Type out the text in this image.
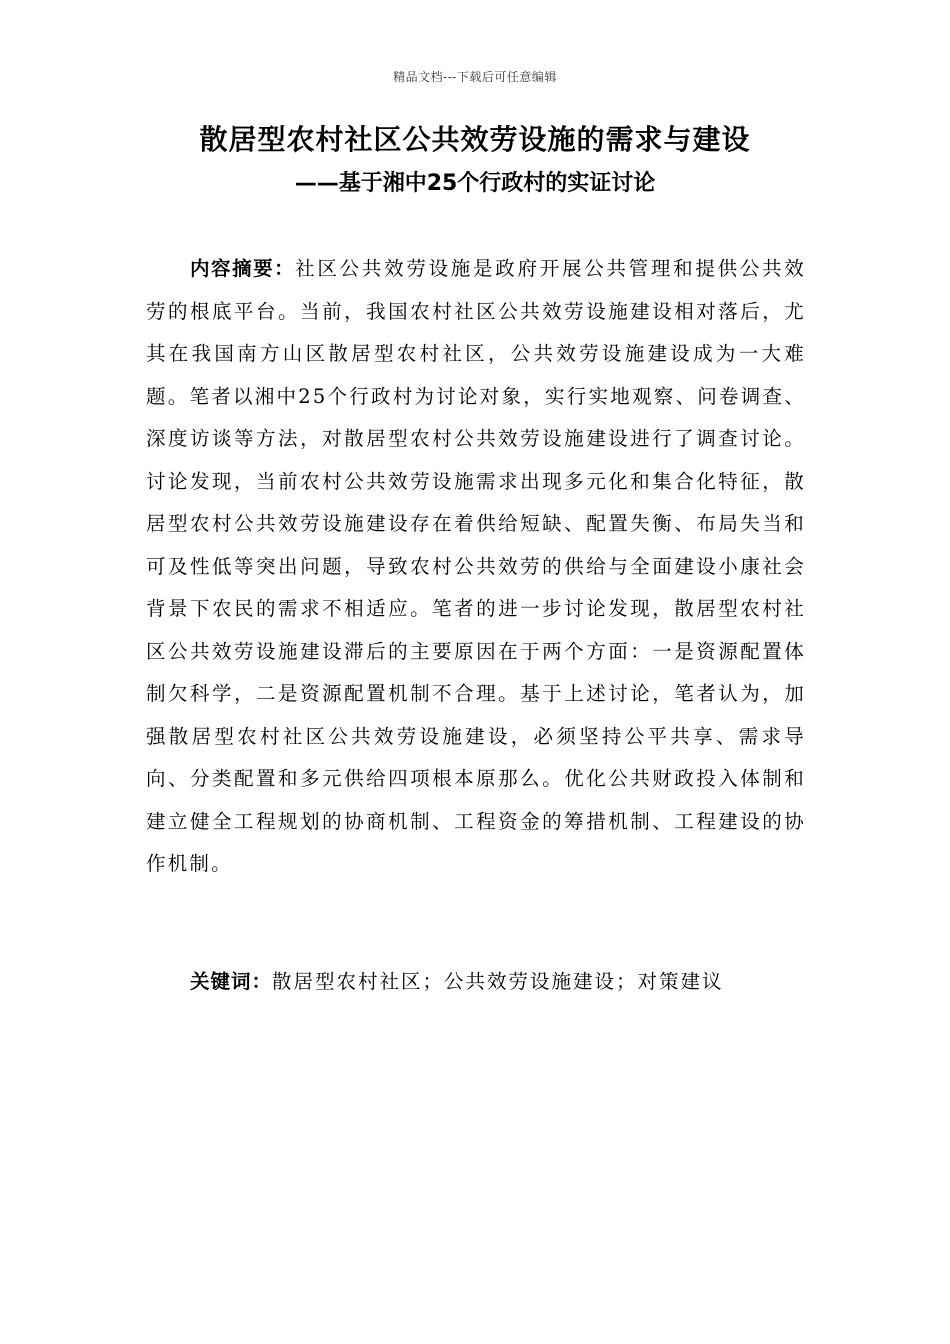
精品文档---下载后可任意编辑
散居型农村社区公共效劳设施的需求与建设
——基于湘中25个行政村的实证讨论

内容摘要：社区公共效劳设施是政府开展公共管理和提供公共效劳的根底平台。当前，我国农村社区公共效劳设施建设相对落后，尤其在我国南方山区散居型农村社区，公共效劳设施建设成为一大难题。笔者以湘中25个行政村为讨论对象，实行实地观察、问卷调查、深度访谈等方法，对散居型农村公共效劳设施建设进行了调查讨论。讨论发现，当前农村公共效劳设施需求出现多元化和集合化特征，散居型农村公共效劳设施建设存在着供给短缺、配置失衡、布局失当和可及性低等突出问题，导致农村公共效劳的供给与全面建设小康社会背景下农民的需求不相适应。笔者的进一步讨论发现，散居型农村社区公共效劳设施建设滞后的主要原因在于两个方面：一是资源配置体制欠科学，二是资源配置机制不合理。基于上述讨论，笔者认为，加强散居型农村社区公共效劳设施建设，必须坚持公平共享、需求导向、分类配置和多元供给四项根本原那么。优化公共财政投入体制和建立健全工程规划的协商机制、工程资金的筹措机制、工程建设的协作机制。

关键词：散居型农村社区；公共效劳设施建设；对策建议
